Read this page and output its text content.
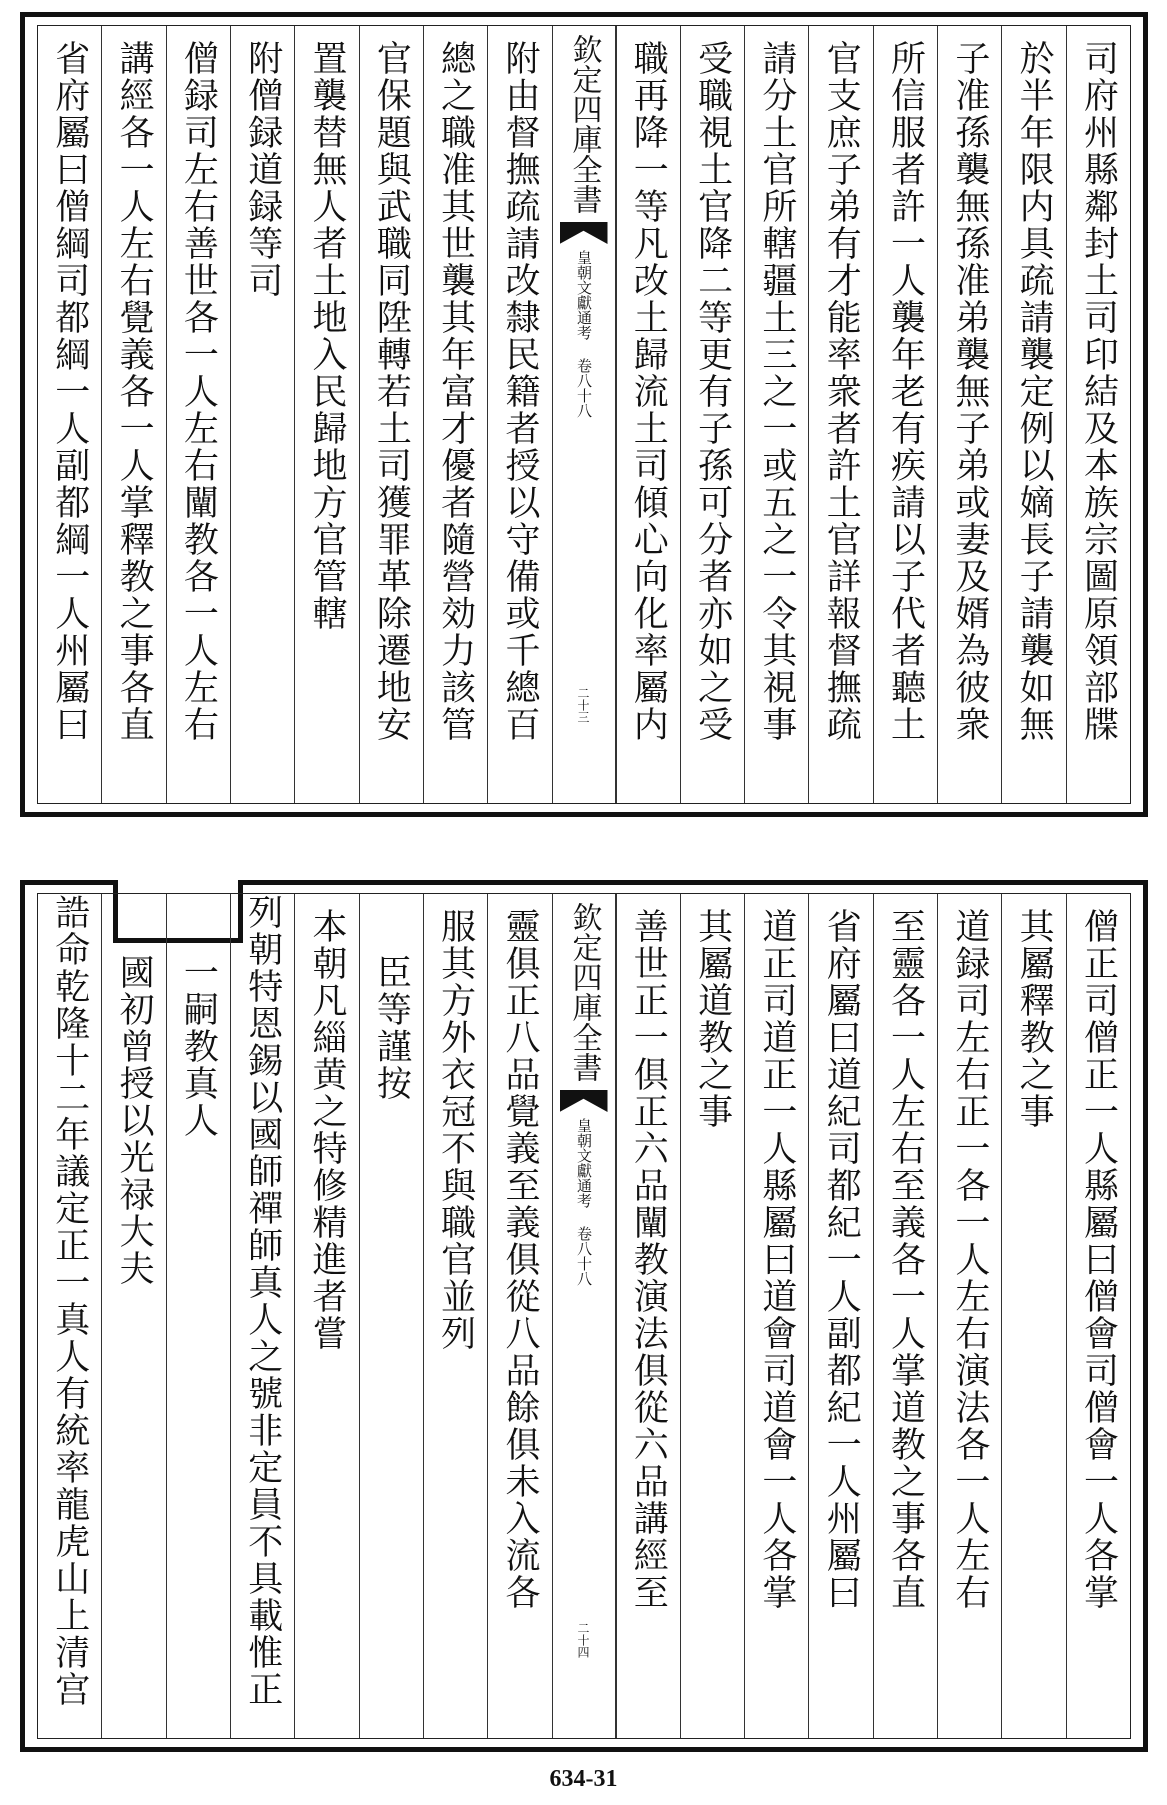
司府州縣鄰封土司印結及本族宗圖原領部牒
於半年限内具疏請襲定例以嫡長子請襲如無
子准孫襲無孫准弟襲無子弟或妻及婿為彼衆
所信服者許一人襲年老有疾請以子代者聽土
官支庶子弟有才能率衆者許土官詳報督撫疏
請分土官所轄疆土三之一或五之一令其視事
受職視土官降二等更有子孫可分者亦如之受
職再降一等凡改土歸流土司傾心向化率屬内
欽定四庫全書
皇朝文獻通考 卷八十八
二十三
附由督撫疏請改隸民籍者授以守備或千總百
總之職准其世襲其年富才優者隨營効力該管
官保題與武職同陞轉若土司獲罪革除遷地安
置襲替無人者土地入民歸地方官管轄
附僧録道録等司
僧録司左右善世各一人左右闡教各一人左右
講經各一人左右覺義各一人掌釋教之事各直
省府屬曰僧綱司都綱一人副都綱一人州屬曰
僧正司僧正一人縣屬曰僧會司僧會一人各掌
其屬釋教之事
道録司左右正一各一人左右演法各一人左右
至靈各一人左右至義各一人掌道教之事各直
省府屬曰道紀司都紀一人副都紀一人州屬曰
道正司道正一人縣屬曰道會司道會一人各掌
其屬道教之事
善世正一俱正六品闡教演法俱從六品講經至
欽定四庫全書
皇朝文獻通考 卷八十八
二十四
靈俱正八品覺義至義俱從八品餘俱未入流各
服其方外衣冠不與職官並列
臣等謹按
本朝凡緇黄之特修精進者嘗
列朝特恩錫以國師禪師真人之號非定員不具載惟正
一嗣教真人
國初曾授以光禄大夫
誥命乾隆十二年議定正一真人有統率龍虎山上清宫
634-31
